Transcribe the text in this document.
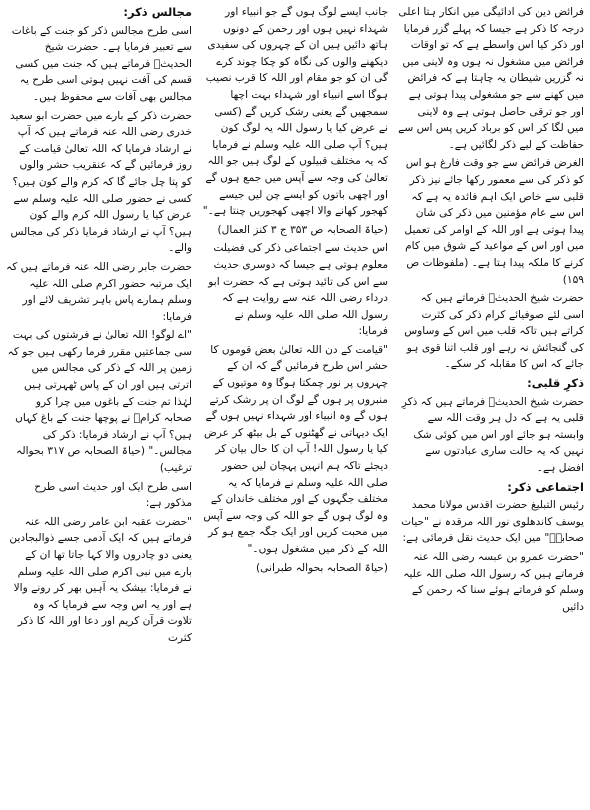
فرائض دین کی ادائیگی میں انکار ہتا اعلی درجہ کا ذکر ہے جیسا کہ پہلے گزر فرمایا اور ذکر کیا اس واسطے ہے کہ تو اوقات فرائض میں مشغول نہ ہوں وہ لاینی میں نہ گزریں شیطان یہ چاہتا ہے کہ فرائض میں کھنے سے جو مشغولی پیدا ہوتی ہے اور جو ترقی حاصل ہوتی ہے وہ لاینی میں لگا کر اس کو برباد کریں پس اس سے حفاظت کے لیے ذکر لگائیں ہے۔

الغرض فرائض سے جو وقت فارغ ہو اس کو ذکر کی سے معمور رکھا جائے نیز ذکر قلبی سے خاص ایک اہم فائدہ یہ ہے کہ اس سے عام مؤمنین میں ذکر کی شان پیدا ہوتی ہے اور اللہ کے اوامر کی تعمیل میں اور اس کے مواعید کے شوق میں کام کرنے کا ملکہ پیدا ہتا ہے۔ (ملفوظات ص ۱۵۹)

حضرت شیخ الحدیثؒ فرماتے ہیں کہ اسی لئے صوفیائے کرام ذکر کی کثرت کراتے ہیں تاکہ قلب میں اس کے وساوس کی گنجائش نہ رہے اور قلب اتنا قوی ہو جائے کہ اس کا مقابلہ کر سکے۔

ذکرِ قلبی:

حضرت شیخ الحدیثؒ فرماتے ہیں کہ ذکرِ قلبی یہ ہے کہ دل ہر وقت اللہ سے وابستہ ہو جائے اور اس میں کوئی شک نہیں کہ یہ حالت ساری عبادتوں سے افضل ہے۔

اجتماعی ذکر:

رئیس التبلیغ حضرت اقدس مولانا محمد یوسف کاندھلوی نور اللہ مرقدہ نے "حیات صحابہؓ" میں ایک حدیث نقل فرمائی ہے:

"حضرت عمرو بن عبسہ رضی اللہ عنہ فرماتے ہیں کہ رسول اللہ صلی اللہ علیہ وسلم کو فرماتے ہوئے سنا کہ رحمن کے دائیں

جانب ایسے لوگ ہوں گے جو انبیاء اور شہداء نہیں ہوں اور رحمن کے دونوں ہاتھ دائیں ہیں ان کے چہروں کی سفیدی دیکھنے والوں کی نگاہ کو چکا چوند کرے گی ان کو جو مقام اور اللہ کا قرب نصیب ہوگا اسے انبیاء اور شہداء بہت اچھا سمجھیں گے یعنی رشک کریں گے (کسی نے عرض کیا یا رسول اللہ یہ لوگ کون ہیں؟ آپ صلی اللہ علیہ وسلم نے فرمایا کہ یہ مختلف قبیلوں کے لوگ ہیں جو اللہ تعالیٰ کی وجہ سے آپس میں جمع ہوں گے اور اچھی باتوں کو ایسے چن لیں جیسے کھجور کھانے والا اچھی کھجوریں چنتا ہے۔"

(حیاۃ الصحابہ ص ۳۵۳ ج ۳ کنز العمال)

اس حدیث سے اجتماعی ذکر کی فضیلت معلوم ہوتی ہے جیسا کہ دوسری حدیث سے اس کی تائید ہوتی ہے کہ حضرت ابو درداء رضی اللہ عنہ سے روایت ہے کہ رسول اللہ صلی اللہ علیہ وسلم نے فرمایا:

"قیامت کے دن اللہ تعالیٰ بعض قوموں کا حشر اس طرح فرمائیں گے کہ ان کے چہروں پر نور چمکتا ہوگا وہ موتیوں کے منبروں پر ہوں گے لوگ ان پر رشک کرتے ہوں گے وہ انبیاء اور شہداء نہیں ہوں گے ایک دیہاتی نے گھٹنوں کے بل بیٹھ کر عرض کیا یا رسول اللہ! آپ ان کا حال بیان کر دیجئے تاکہ ہم انہیں پہچان لیں حضور صلی اللہ علیہ وسلم نے فرمایا کہ یہ مختلف جگہوں کے اور مختلف خاندان کے وہ لوگ ہوں گے جو اللہ کی وجہ سے آپس میں محبت کریں اور ایک جگہ جمع ہو کر اللہ کے ذکر میں مشغول ہوں۔"

(حیاۃ الصحابہ بحوالہ طبرانی)

مجالس ذکر:

اسی طرح مجالس ذکر کو جنت کے باغات سے تعبیر فرمایا ہے۔ حضرت شیخ الحدیثؒ فرماتے ہیں کہ جنت میں کسی قسم کی آفت نہیں ہوتی اسی طرح یہ مجالس بھی آفات سے محفوظ ہیں۔

حضرت ذکر کے بارے میں حضرت ابو سعید خدری رضی اللہ عنہ فرماتے ہیں کہ آپ نے ارشاد فرمایا کہ اللہ تعالیٰ قیامت کے روز فرمائیں گے کہ عنقریب حشر والوں کو پتا چل جائے گا کہ کرم والے کون ہیں؟ کسی نے حضور صلی اللہ علیہ وسلم سے عرض کیا یا رسول اللہ کرم والے کون ہیں؟ آپ نے ارشاد فرمایا ذکر کی مجالس والے۔

حضرت جابر رضی اللہ عنہ فرماتے ہیں کہ ایک مرتبہ حضور اکرم صلی اللہ علیہ وسلم ہمارے پاس باہر تشریف لائے اور فرمایا:

"اے لوگو! اللہ تعالیٰ نے فرشتوں کی بہت سی جماعتیں مقرر فرما رکھی ہیں جو کہ زمین پر اللہ کے ذکر کی مجالس میں اترتی ہیں اور ان کے پاس ٹھہرتی ہیں لہٰذا تم جنت کے باغوں میں چرا کرو صحابہ کرامؓ نے پوچھا جنت کے باغ کہاں ہیں؟ آپ نے ارشاد فرمایا: ذکر کی مجالس۔" (حیاۃ الصحابہ ص ۳۱۷ بحوالہ ترغیب)

اسی طرح ایک اور حدیث اسی طرح مذکور ہے:

"حضرت عقبہ ابن عامر رضی اللہ عنہ فرماتے ہیں کہ ایک آدمی جسے ذوالبجادین یعنی دو چادروں والا کہا جاتا تھا ان کے بارے میں نبی اکرم صلی اللہ علیہ وسلم نے فرمایا: بیشک یہ آہیں بھر کر رونے والا ہے اور یہ اس وجہ سے فرمایا کہ وہ تلاوت قرآن کریم اور دعا اور اللہ کا ذکر کثرت
